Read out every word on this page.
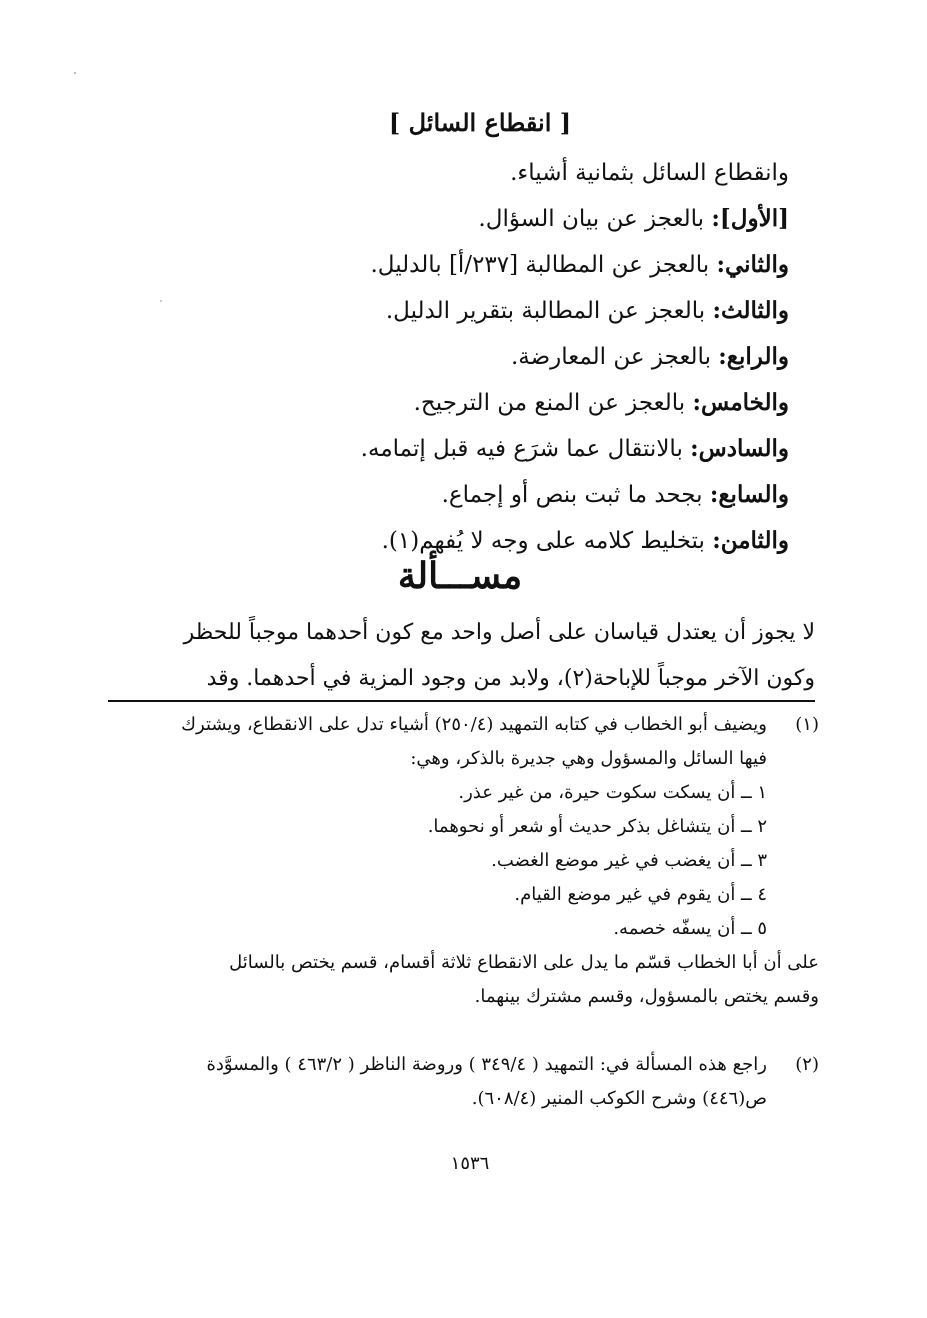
[ انقطاع السائل ]
وانقطاع السائل بثمانية أشياء.
[الأول]: بالعجز عن بيان السؤال.
والثاني: بالعجز عن المطالبة [٢٣٧/أ] بالدليل.
والثالث: بالعجز عن المطالبة بتقرير الدليل.
والرابع: بالعجز عن المعارضة.
والخامس: بالعجز عن المنع من الترجيح.
والسادس: بالانتقال عما شرَع فيه قبل إتمامه.
والسابع: بجحد ما ثبت بنص أو إجماع.
والثامن: بتخليط كلامه على وجه لا يُفهم(١).
مســـألة
لا يجوز أن يعتدل قياسان على أصل واحد مع كون أحدهما موجباً للحظر
وكون الآخر موجباً للإباحة(٢)، ولابد من وجود المزية في أحدهما. وقد
(١)
ويضيف أبو الخطاب في كتابه التمهيد (٢٥٠/٤) أشياء تدل على الانقطاع، ويشترك
فيها السائل والمسؤول وهي جديرة بالذكر، وهي:
١ ــ أن يسكت سكوت حيرة، من غير عذر.
٢ ــ أن يتشاغل بذكر حديث أو شعر أو نحوهما.
٣ ــ أن يغضب في غير موضع الغضب.
٤ ــ أن يقوم في غير موضع القيام.
٥ ــ أن يسفّه خصمه.
على أن أبا الخطاب قسّم ما يدل على الانقطاع ثلاثة أقسام، قسم يختص بالسائل
وقسم يختص بالمسؤول، وقسم مشترك بينهما.
(٢)
راجع هذه المسألة في: التمهيد ( ٣٤٩/٤ ) وروضة الناظر ( ٤٦٣/٢ ) والمسوَّدة
ص(٤٤٦) وشرح الكوكب المنير (٦٠٨/٤).
١٥٣٦
